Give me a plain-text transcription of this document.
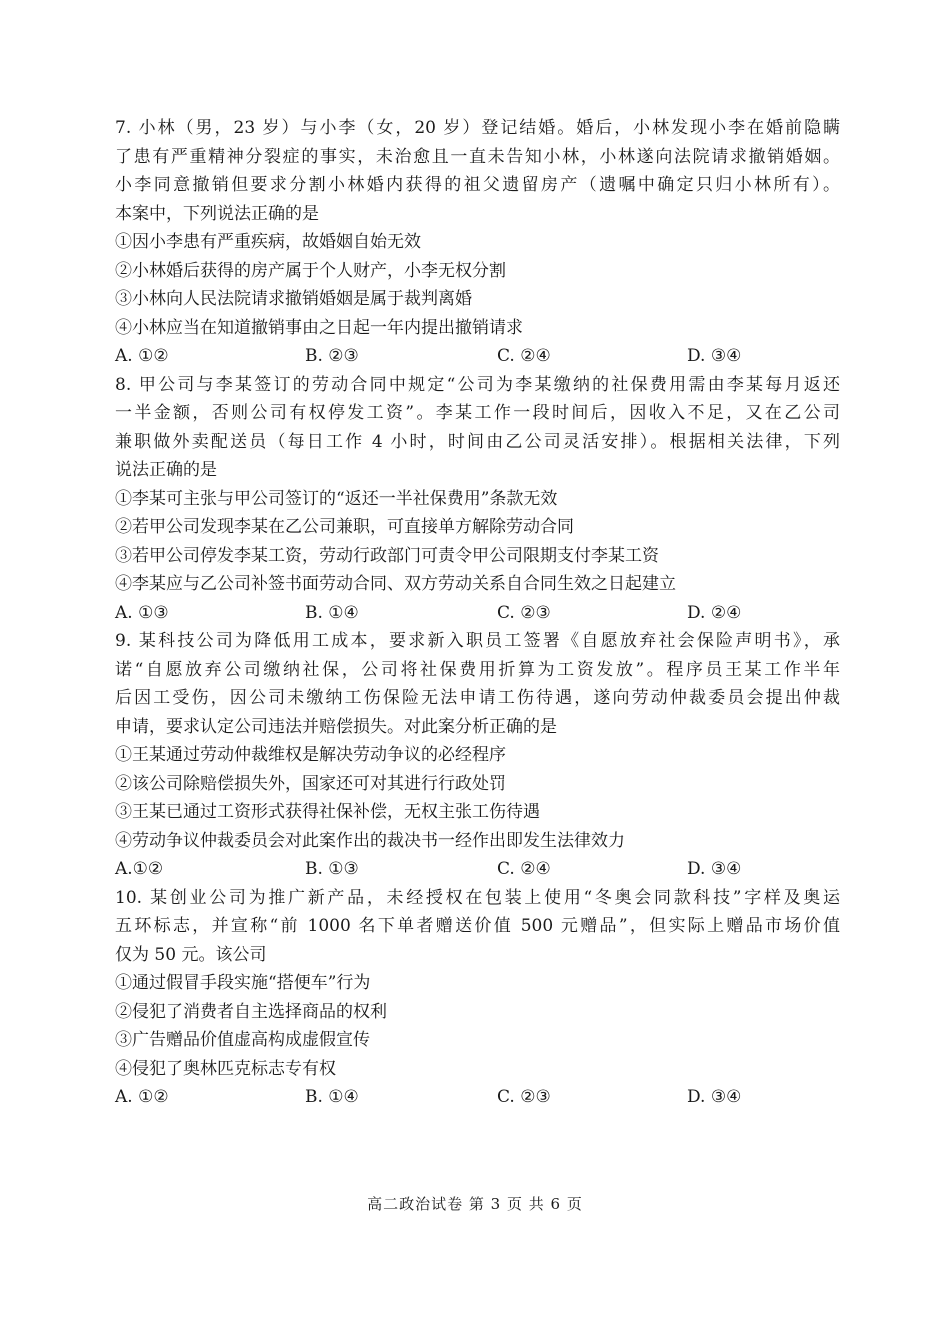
7. 小林（男，23 岁）与小李（女，20 岁）登记结婚。婚后，小林发现小李在婚前隐瞒
了患有严重精神分裂症的事实，未治愈且一直未告知小林，小林遂向法院请求撤销婚姻。
小李同意撤销但要求分割小林婚内获得的祖父遗留房产（遗嘱中确定只归小林所有）。
本案中，下列说法正确的是
①因小李患有严重疾病，故婚姻自始无效
②小林婚后获得的房产属于个人财产，小李无权分割
③小林向人民法院请求撤销婚姻是属于裁判离婚
④小林应当在知道撤销事由之日起一年内提出撤销请求
A. ①②	B. ②③	C. ②④	D. ③④
8. 甲公司与李某签订的劳动合同中规定“公司为李某缴纳的社保费用需由李某每月返还
一半金额，否则公司有权停发工资”。李某工作一段时间后，因收入不足，又在乙公司
兼职做外卖配送员（每日工作 4 小时，时间由乙公司灵活安排）。根据相关法律，下列
说法正确的是
①李某可主张与甲公司签订的“返还一半社保费用”条款无效
②若甲公司发现李某在乙公司兼职，可直接单方解除劳动合同
③若甲公司停发李某工资，劳动行政部门可责令甲公司限期支付李某工资
④李某应与乙公司补签书面劳动合同、双方劳动关系自合同生效之日起建立
A. ①③	B. ①④	C. ②③	D. ②④
9. 某科技公司为降低用工成本，要求新入职员工签署《自愿放弃社会保险声明书》，承
诺“自愿放弃公司缴纳社保，公司将社保费用折算为工资发放”。程序员王某工作半年
后因工受伤，因公司未缴纳工伤保险无法申请工伤待遇，遂向劳动仲裁委员会提出仲裁
申请，要求认定公司违法并赔偿损失。对此案分析正确的是
①王某通过劳动仲裁维权是解决劳动争议的必经程序
②该公司除赔偿损失外，国家还可对其进行行政处罚
③王某已通过工资形式获得社保补偿，无权主张工伤待遇
④劳动争议仲裁委员会对此案作出的裁决书一经作出即发生法律效力
A.①②	B. ①③	C. ②④	D. ③④
10. 某创业公司为推广新产品，未经授权在包装上使用“冬奥会同款科技”字样及奥运
五环标志，并宣称“前 1000 名下单者赠送价值 500 元赠品”，但实际上赠品市场价值
仅为 50 元。该公司
①通过假冒手段实施“搭便车”行为
②侵犯了消费者自主选择商品的权利
③广告赠品价值虚高构成虚假宣传
④侵犯了奥林匹克标志专有权
A. ①②	B. ①④	C. ②③	D. ③④
高二政治试卷 第 3 页 共 6 页
